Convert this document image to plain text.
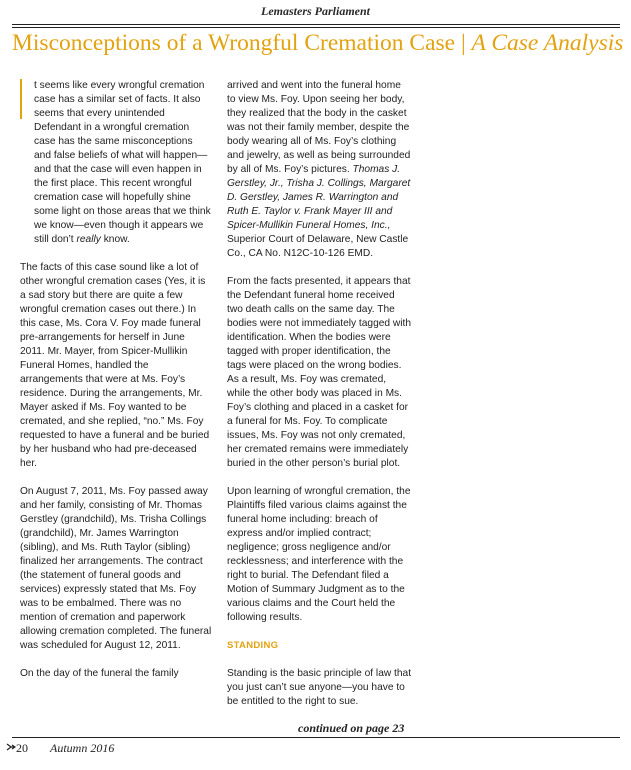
Lemasters Parliament
Misconceptions of a Wrongful Cremation Case | A Case Analysis

t seems like every wrongful cremation case has a similar set of facts. It also seems that every unintended Defendant in a wrongful cremation case has the same misconceptions and false beliefs of what will happen—and that the case will even happen in the first place. This recent wrongful cremation case will hopefully shine some light on those areas that we think we know—even though it appears we still don’t really know.

The facts of this case sound like a lot of other wrongful cremation cases (Yes, it is a sad story but there are quite a few wrongful cremation cases out there.) In this case, Ms. Cora V. Foy made funeral pre-arrangements for herself in June 2011. Mr. Mayer, from Spicer-Mullikin Funeral Homes, handled the arrangements that were at Ms. Foy’s residence. During the arrangements, Mr. Mayer asked if Ms. Foy wanted to be cremated, and she replied, “no.” Ms. Foy requested to have a funeral and be buried by her husband who had pre-deceased her.

On August 7, 2011, Ms. Foy passed away and her family, consisting of Mr. Thomas Gerstley (grandchild), Ms. Trisha Collings (grandchild), Mr. James Warrington (sibling), and Ms. Ruth Taylor (sibling) finalized her arrangements. The contract (the statement of funeral goods and services) expressly stated that Ms. Foy was to be embalmed. There was no mention of cremation and paperwork allowing cremation completed. The funeral was scheduled for August 12, 2011.

On the day of the funeral the family

arrived and went into the funeral home to view Ms. Foy. Upon seeing her body, they realized that the body in the casket was not their family member, despite the body wearing all of Ms. Foy’s clothing and jewelry, as well as being surrounded by all of Ms. Foy’s pictures. Thomas J. Gerstley, Jr., Trisha J. Collings, Margaret D. Gerstley, James R. Warrington and Ruth E. Taylor v. Frank Mayer III and Spicer-Mullikin Funeral Homes, Inc., Superior Court of Delaware, New Castle Co., CA No. N12C-10-126 EMD.

From the facts presented, it appears that the Defendant funeral home received two death calls on the same day. The bodies were not immediately tagged with identification. When the bodies were tagged with proper identification, the tags were placed on the wrong bodies. As a result, Ms. Foy was cremated, while the other body was placed in Ms. Foy’s clothing and placed in a casket for a funeral for Ms. Foy. To complicate issues, Ms. Foy was not only cremated, her cremated remains were immediately buried in the other person’s burial plot.

Upon learning of wrongful cremation, the Plaintiffs filed various claims against the funeral home including: breach of express and/or implied contract; negligence; gross negligence and/or recklessness; and interference with the right to burial. The Defendant filed a Motion of Summary Judgment as to the various claims and the Court held the following results.

STANDING

Standing is the basic principle of law that you just can’t sue anyone—you have to be entitled to the right to sue.

continued on page 23
20 Autumn 2016
